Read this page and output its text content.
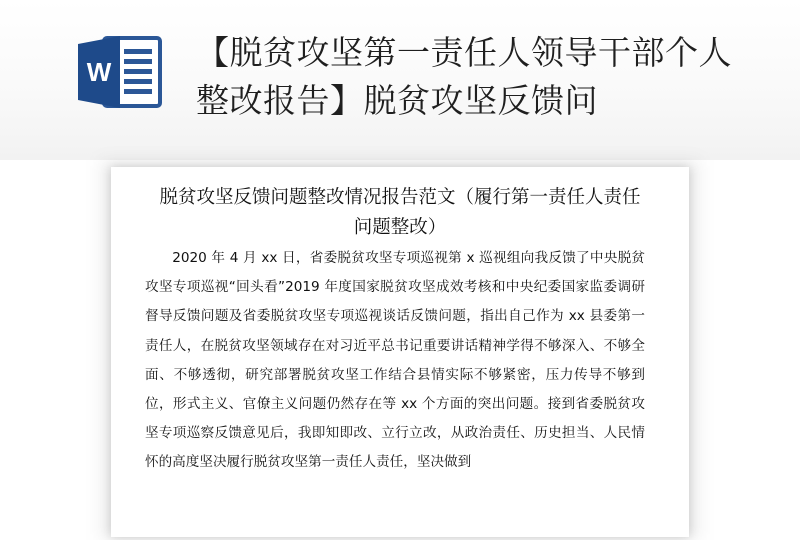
W	【脱贫攻坚第一责任人领导干部个人整改报告】脱贫攻坚反馈问
脱贫攻坚反馈问题整改情况报告范文（履行第一责任人责任问题整改）
2020 年 4 月 xx 日，省委脱贫攻坚专项巡视第 x 巡视组向我反馈了中央脱贫攻坚专项巡视“回头看”2019 年度国家脱贫攻坚成效考核和中央纪委国家监委调研督导反馈问题及省委脱贫攻坚专项巡视谈话反馈问题，指出自己作为 xx 县委第一责任人，在脱贫攻坚领域存在对习近平总书记重要讲话精神学得不够深入、不够全面、不够透彻，研究部署脱贫攻坚工作结合县情实际不够紧密，压力传导不够到位，形式主义、官僚主义问题仍然存在等 xx 个方面的突出问题。接到省委脱贫攻坚专项巡察反馈意见后，我即知即改、立行立改，从政治责任、历史担当、人民情怀的高度坚决履行脱贫攻坚第一责任人责任，坚决做到
